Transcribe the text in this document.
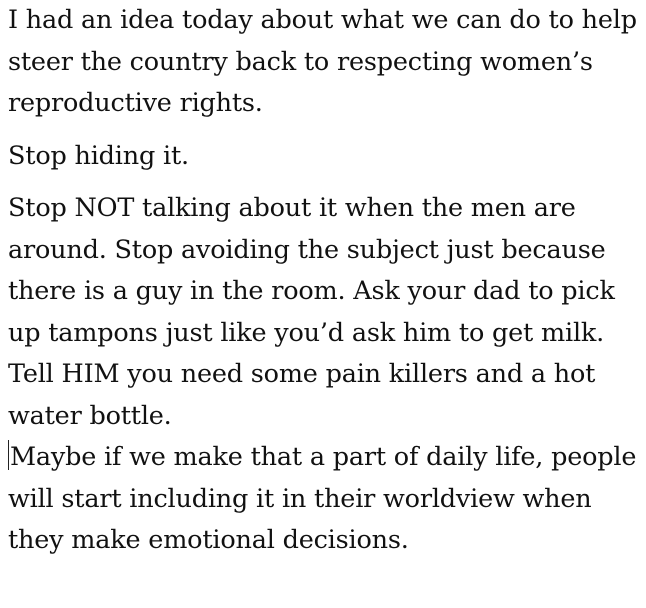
I had an idea today about what we can do to help steer the country back to respecting women’s reproductive rights.

Stop hiding it.

Stop NOT talking about it when the men are around. Stop avoiding the subject just because there is a guy in the room. Ask your dad to pick up tampons just like you’d ask him to get milk. Tell HIM you need some pain killers and a hot water bottle.

Maybe if we make that a part of daily life, people will start including it in their worldview when they make emotional decisions.
